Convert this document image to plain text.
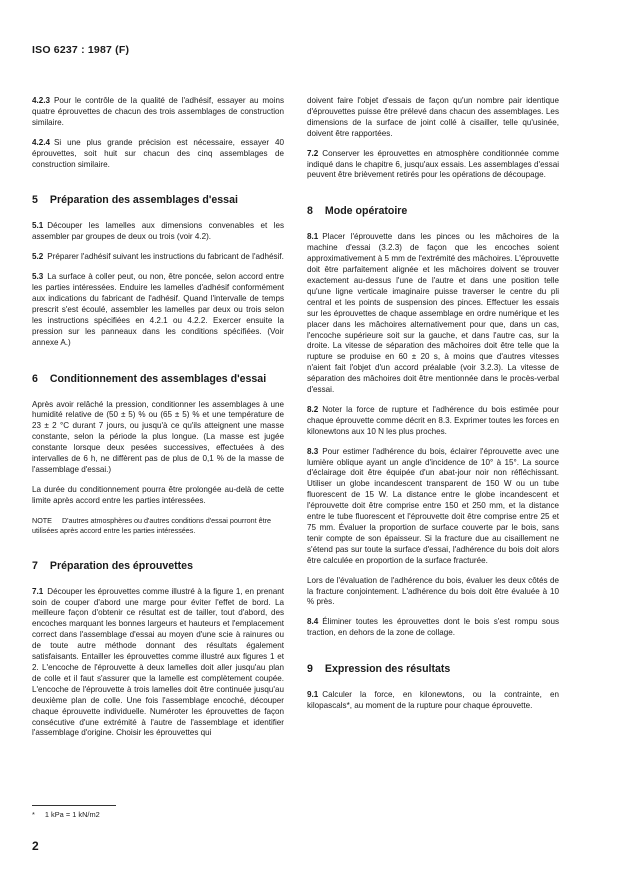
ISO 6237 : 1987 (F)

4.2.3 Pour le contrôle de la qualité de l'adhésif, essayer au moins quatre éprouvettes de chacun des trois assemblages de construction similaire.

4.2.4 Si une plus grande précision est nécessaire, essayer 40 éprouvettes, soit huit sur chacun des cinq assemblages de construction similaire.

5 Préparation des assemblages d'essai

5.1 Découper les lamelles aux dimensions convenables et les assembler par groupes de deux ou trois (voir 4.2).

5.2 Préparer l'adhésif suivant les instructions du fabricant de l'adhésif.

5.3 La surface à coller peut, ou non, être poncée, selon accord entre les parties intéressées. Enduire les lamelles d'adhésif conformément aux indications du fabricant de l'adhésif. Quand l'intervalle de temps prescrit s'est écoulé, assembler les lamelles par deux ou trois selon les instructions spécifiées en 4.2.1 ou 4.2.2. Exercer ensuite la pression sur les panneaux dans les conditions spécifiées. (Voir annexe A.)

6 Conditionnement des assemblages d'essai

Après avoir relâché la pression, conditionner les assemblages à une humidité relative de (50 ± 5) % ou (65 ± 5) % et une température de 23 ± 2 °C durant 7 jours, ou jusqu'à ce qu'ils atteignent une masse constante, selon la période la plus longue. (La masse est jugée constante lorsque deux pesées successives, effectuées à des intervalles de 6 h, ne diffèrent pas de plus de 0,1 % de la masse de l'assemblage d'essai.)

La durée du conditionnement pourra être prolongée au-delà de cette limite après accord entre les parties intéressées.

NOTE D'autres atmosphères ou d'autres conditions d'essai pourront être utilisées après accord entre les parties intéressées.

7 Préparation des éprouvettes

7.1 Découper les éprouvettes comme illustré à la figure 1, en prenant soin de couper d'abord une marge pour éviter l'effet de bord. La meilleure façon d'obtenir ce résultat est de tailler, tout d'abord, des encoches marquant les bonnes largeurs et hauteurs et l'emplacement correct dans l'assemblage d'essai au moyen d'une scie à rainures ou de toute autre méthode donnant des résultats également satisfaisants. Entailler les éprouvettes comme illustré aux figures 1 et 2. L'encoche de l'éprouvette à deux lamelles doit aller jusqu'au plan de colle et il faut s'assurer que la lamelle est complètement coupée. L'encoche de l'éprouvette à trois lamelles doit être continuée jusqu'au deuxième plan de colle. Une fois l'assemblage encoché, découper chaque éprouvette individuelle. Numéroter les éprouvettes de façon consécutive d'une extrémité à l'autre de l'assemblage et identifier l'assemblage d'origine. Choisir les éprouvettes qui

doivent faire l'objet d'essais de façon qu'un nombre pair identique d'éprouvettes puisse être prélevé dans chacun des assemblages. Les dimensions de la surface de joint collé à cisailler, telle qu'usinée, doivent être rapportées.

7.2 Conserver les éprouvettes en atmosphère conditionnée comme indiqué dans le chapitre 6, jusqu'aux essais. Les assemblages d'essai peuvent être brièvement retirés pour les opérations de découpage.

8 Mode opératoire

8.1 Placer l'éprouvette dans les pinces ou les mâchoires de la machine d'essai (3.2.3) de façon que les encoches soient approximativement à 5 mm de l'extrémité des mâchoires. L'éprouvette doit être parfaitement alignée et les mâchoires doivent se trouver exactement au-dessus l'une de l'autre et dans une position telle qu'une ligne verticale imaginaire puisse traverser le centre du pli central et les points de suspension des pinces. Effectuer les essais sur les éprouvettes de chaque assemblage en ordre numérique et les placer dans les mâchoires alternativement pour que, dans un cas, l'encoche supérieure soit sur la gauche, et dans l'autre cas, sur la droite. La vitesse de séparation des mâchoires doit être telle que la rupture se produise en 60 ± 20 s, à moins que d'autres vitesses n'aient fait l'objet d'un accord préalable (voir 3.2.3). La vitesse de séparation des mâchoires doit être mentionnée dans le procès-verbal d'essai.

8.2 Noter la force de rupture et l'adhérence du bois estimée pour chaque éprouvette comme décrit en 8.3. Exprimer toutes les forces en kilonewtons aux 10 N les plus proches.

8.3 Pour estimer l'adhérence du bois, éclairer l'éprouvette avec une lumière oblique ayant un angle d'incidence de 10° à 15°. La source d'éclairage doit être équipée d'un abat-jour noir non réfléchissant. Utiliser un globe incandescent transparent de 150 W ou un tube fluorescent de 15 W. La distance entre le globe incandescent et l'éprouvette doit être comprise entre 150 et 250 mm, et la distance entre le tube fluorescent et l'éprouvette doit être comprise entre 25 et 75 mm. Évaluer la proportion de surface couverte par le bois, sans tenir compte de son épaisseur. Si la fracture due au cisaillement ne s'étend pas sur toute la surface d'essai, l'adhérence du bois doit alors être calculée en proportion de la surface fracturée.

Lors de l'évaluation de l'adhérence du bois, évaluer les deux côtés de la fracture conjointement. L'adhérence du bois doit être évaluée à 10 % près.

8.4 Éliminer toutes les éprouvettes dont le bois s'est rompu sous traction, en dehors de la zone de collage.

9 Expression des résultats

9.1 Calculer la force, en kilonewtons, ou la contrainte, en kilopascals*, au moment de la rupture pour chaque éprouvette.

* 1 kPa = 1 kN/m2
2
